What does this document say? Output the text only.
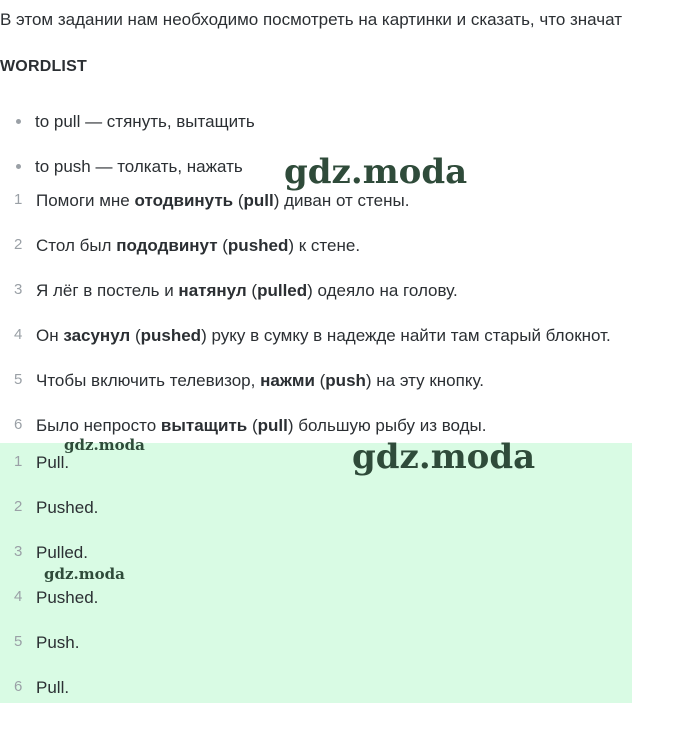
В этом задании нам необходимо посмотреть на картинки и сказать, что значат
WORDLIST
to pull — стянуть, вытащить
to push — толкать, нажать
1 Помоги мне отодвинуть (pull) диван от стены.
2 Стол был пододвинут (pushed) к стене.
3 Я лёг в постель и натянул (pulled) одеяло на голову.
4 Он засунул (pushed) руку в сумку в надежде найти там старый блокнот.
5 Чтобы включить телевизор, нажми (push) на эту кнопку.
6 Было непросто вытащить (pull) большую рыбу из воды.
1 Pull.
2 Pushed.
3 Pulled.
4 Pushed.
5 Push.
6 Pull.
gdz.moda
gdz.moda
gdz.moda
gdz.moda
